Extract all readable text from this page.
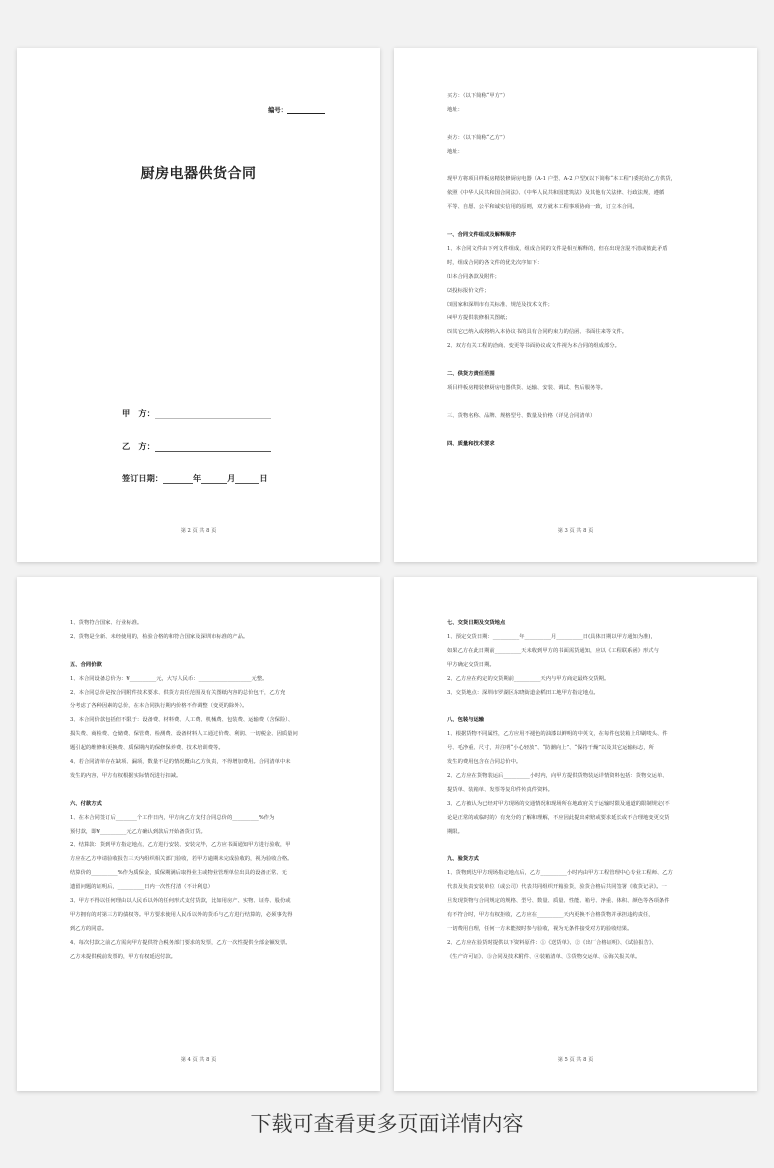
编号：
厨房电器供货合同
甲　方：
乙　方：
签订日期：	年	月	日
第 2 页 共 8 页

买方：（以下简称“甲方”）

地址：

卖方：（以下简称“乙方”）

地址：

现甲方将项目样板房精装修厨房电器（A-1 户型、A-2 户型)(以下简称“本工程”)委托给乙方供货，

依照《中华人民共和国合同法》、《中华人民共和国建筑法》及其他有关法律、行政法规，遵循

平等、自愿、公平和诚实信用的原则，双方就本工程事项协商一致，订立本合同。

一、合同文件组成及解释顺序

1、本合同文件由下列文件组成，组成合同的文件是相互解释的，但在出现含混不清或彼此矛盾

时，组成合同的各文件的优先次序如下：

⑴本合同条款及附件；

⑵投标报价文件；

⑶国家和深圳市有关标准、规范及技术文件；

⑷甲方提供装修相关图纸；

⑸其它已纳入或将纳入本协议书的具有合同约束力的信函、书面往来等文件。

2、双方有关工程的洽商、变更等书面协议或文件视为本合同的组成部分。

二、供货方责任范围

项目样板房精装修厨房电器供货、运输、安装、调试、售后服务等。

三、货物名称、品牌、规格型号、数量及价格（详见合同清单）

四、质量和技术要求

第 3 页 共 8 页

1、货物符合国家、行业标准。

2、货物是全新、未经使用的，检验合格的和符合国家及深圳市标准的产品。

五、合同价款

1、本合同设备总价为：¥__________元，大写人民币：____________________元整。

2、本合同总价是按合同附件技术要求、供货方责任范围及有关图纸内容的总价包干，乙方充

分考虑了各种因素的总价，在本合同执行期内价格不作调整（变更的除外）。

3、本合同价款包括但不限于：设备费、材料费、人工费、机械费、包装费、运输费（含保险）、

损失费、商检费、仓储费、保管费、检测费、设备材料人工通过价费、利润、一切税金、因质量问

题引起的维修和更换费、质保期内的保修保养费、技术培训费等。

4、若合同清单存在缺项、漏项，数量不足的情况概由乙方负责，不得增加费用。合同清单中未

发生的内容，甲方有权根据实际情况进行扣减。

六、付款方式

1、在本合同签订后________个工作日内，甲方向乙方支付合同总价的__________%作为

预付款，即¥__________元乙方确认到款后开始备货订货。

2、结算款：货到甲方指定地点，乙方进行安装、安装完毕，乙方应书面通知甲方进行验收，甲

方应在乙方申请验收报告三天内组织相关部门验收，若甲方逾期未完成验收的，视为验收合格。

结算价的__________%作为质保金，质保期满后取得业主或物业管理单位出具的设备正常、无

遗留问题的证明后，__________日内一次性付清（不计利息）

3、甲方不得以任何理由以人民币以外的任何形式支付货款，比如用房产、实物、证券、股份或

甲方拥有的对第三方的债权等。甲方要求使用人民币以外的货币与乙方进行结算的，必须事先得

到乙方的同意。

4、每次付款之前乙方需向甲方提供符合税务部门要求的发票，乙方一次性提供全部金额发票。

乙方未提供税前发票的，甲方有权延迟付款。

第 4 页 共 8 页

七、交货日期及交货地点

1、预定交货日期：__________年__________月__________日(具体日期以甲方通知为准)，

如果乙方在此日期前__________天未收到甲方的书面需货通知，应以《工程联系函》形式与

甲方确定交货日期。

2、乙方应在约定的交货期前__________天内与甲方商定最终交货期。

3、交货地点：深圳市罗湖区东晓街道金稻田工地甲方指定地点。

八、包装与运输

1、根据货物不同属性，乙方应用不褪色的油漆以鲜明的中英文，在每件包装箱上印刷唛头、件

号、毛净重、尺寸，并注明“小心轻放”、“防潮向上”、“保持干燥”以及其它运输标志，所

发生的费用包含在合同总价中。

2、乙方应在货物装运后__________小时内，向甲方提供货物装运详情资料包括：货物交运单、

提货单、装箱单、发票等复印件传真件资料。

3、乙方被认为已经对甲方现场的交通情况和现场所在地政府关于运输时限及通道的限制规定(不

论是正常的或临时的）有充分的了解和理解，不应因此提出索赔或要求延长或不合理地变更交货

期限。

九、验货方式

1、货物到达甲方现场指定地点后，乙方__________小时内由甲方工程管理中心专业工程师、乙方

代表及负责安装单位（或公司）代表共同组织开箱验货，验货合格后共同签署《收货记录》。一

旦发现货物与合同规定的规格、型号、数量、质量、性能、箱号、净重、体积、颜色等各项条件

有不符合时，甲方有权拒收，乙方应在__________天内更换不合格货物并承担违约责任，

一切费用自理，任何一方未能按时参与验收，视为无条件接受对方的验收结果。

2、乙方应在验货时提供以下资料原件：①《送货单》、②《出厂合格证明》、《试验报告》、

《生产许可证》、③合同及技术附件、④装箱清单、⑤货物交运单、⑥海关报关单。

第 5 页 共 8 页
下载可查看更多页面详情内容
